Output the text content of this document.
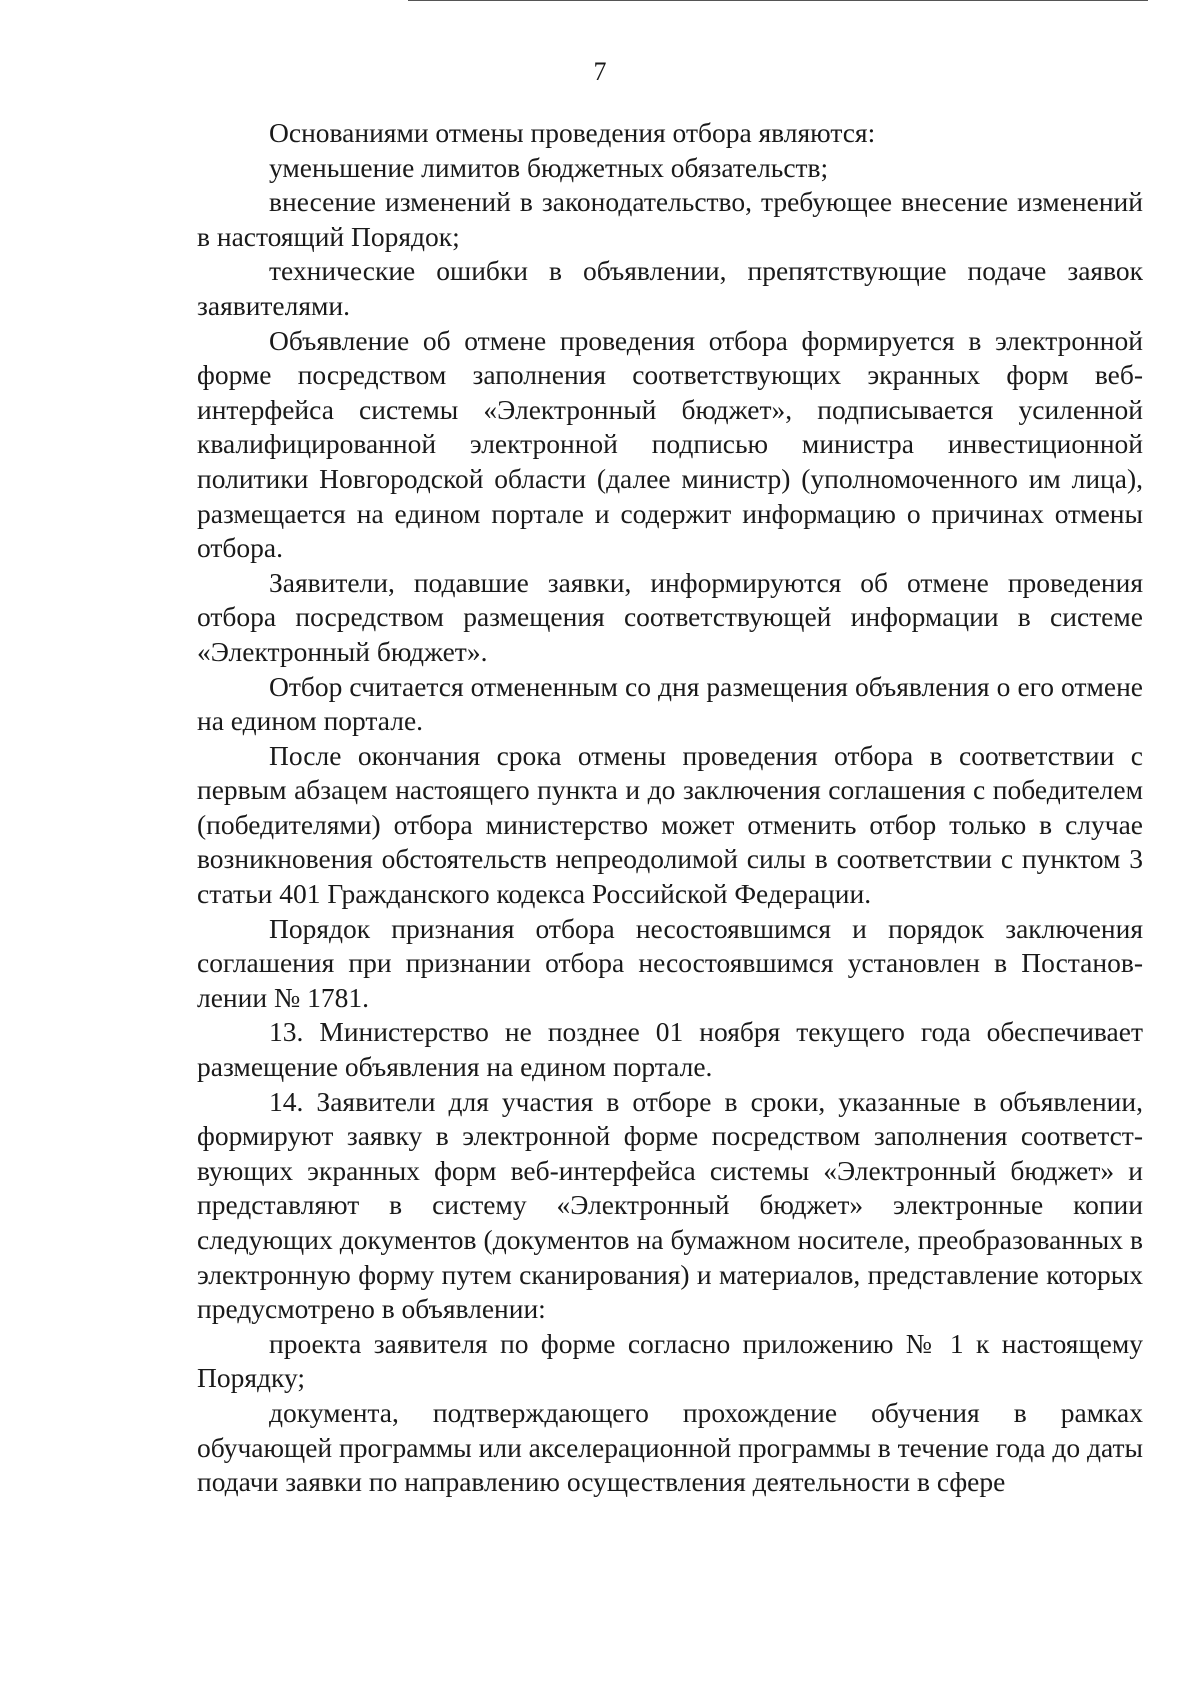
7

Основаниями отмены проведения отбора являются:

уменьшение лимитов бюджетных обязательств;

внесение изменений в законодательство, требующее внесение изменений в настоящий Порядок;

технические ошибки в объявлении, препятствующие подаче заявок заявителями.

Объявление об отмене проведения отбора формируется в электронной форме посредством заполнения соответствующих экранных форм веб-интерфейса системы «Электронный бюджет», подписывается усиленной квалифицированной электронной подписью министра инвестиционной политики Новгородской области (далее министр) (уполномоченного им лица), размещается на едином портале и содержит информацию о причинах отмены отбора.

Заявители, подавшие заявки, информируются об отмене проведения отбора посредством размещения соответствующей информации в системе «Электронный бюджет».

Отбор считается отмененным со дня размещения объявления о его отмене на едином портале.

После окончания срока отмены проведения отбора в соответствии с первым абзацем настоящего пункта и до заключения соглашения с победителем (победителями) отбора министерство может отменить отбор только в случае возникновения обстоятельств непреодолимой силы в соответствии с пунктом 3 статьи 401 Гражданского кодекса Российской Федерации.

Порядок признания отбора несостоявшимся и порядок заключения соглашения при признании отбора несостоявшимся установлен в Постановлении № 1781.

13. Министерство не позднее 01 ноября текущего года обеспечивает размещение объявления на едином портале.

14. Заявители для участия в отборе в сроки, указанные в объявлении, формируют заявку в электронной форме посредством заполнения соответствующих экранных форм веб-интерфейса системы «Электронный бюджет» и представляют в систему «Электронный бюджет» электронные копии следующих документов (документов на бумажном носителе, преобразованных в электронную форму путем сканирования) и материалов, представление которых предусмотрено в объявлении:

проекта заявителя по форме согласно приложению № 1 к настоящему Порядку;

документа, подтверждающего прохождение обучения в рамках обучающей программы или акселерационной программы в течение года до даты подачи заявки по направлению осуществления деятельности в сфере
